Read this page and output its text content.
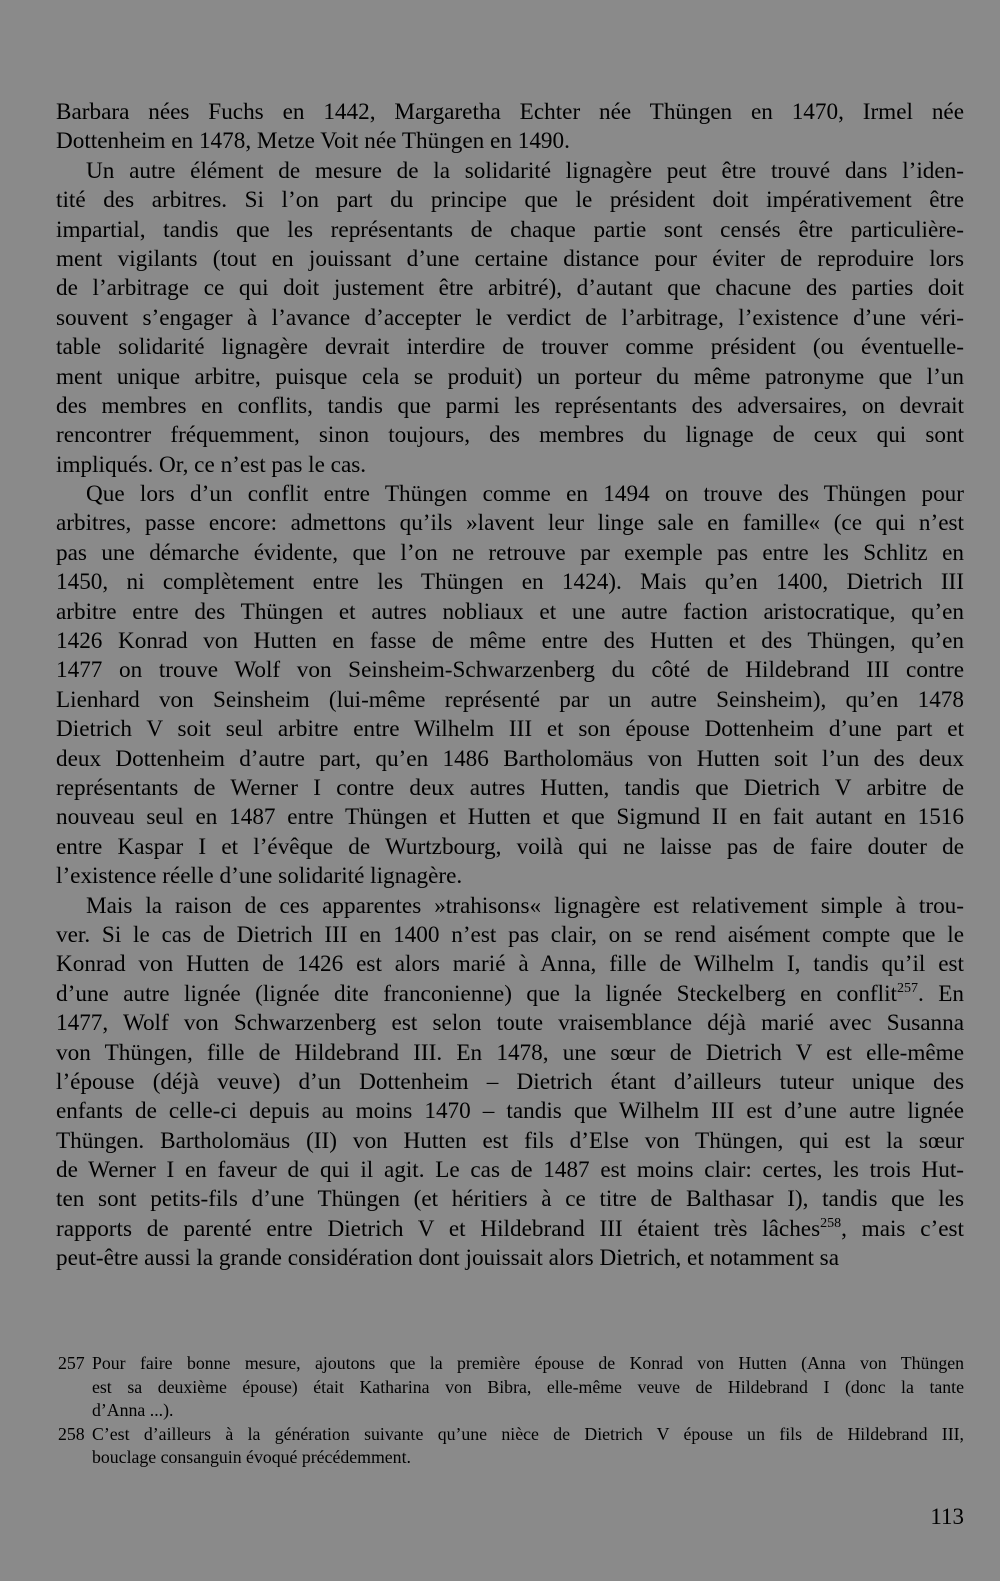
Barbara nées Fuchs en 1442, Margaretha Echter née Thüngen en 1470, Irmel née
Dottenheim en 1478, Metze Voit née Thüngen en 1490.
Un autre élément de mesure de la solidarité lignagère peut être trouvé dans l’iden-
tité des arbitres. Si l’on part du principe que le président doit impérativement être
impartial, tandis que les représentants de chaque partie sont censés être particulière-
ment vigilants (tout en jouissant d’une certaine distance pour éviter de reproduire lors
de l’arbitrage ce qui doit justement être arbitré), d’autant que chacune des parties doit
souvent s’engager à l’avance d’accepter le verdict de l’arbitrage, l’existence d’une véri-
table solidarité lignagère devrait interdire de trouver comme président (ou éventuelle-
ment unique arbitre, puisque cela se produit) un porteur du même patronyme que l’un
des membres en conflits, tandis que parmi les représentants des adversaires, on devrait
rencontrer fréquemment, sinon toujours, des membres du lignage de ceux qui sont
impliqués. Or, ce n’est pas le cas.
Que lors d’un conflit entre Thüngen comme en 1494 on trouve des Thüngen pour
arbitres, passe encore: admettons qu’ils »lavent leur linge sale en famille« (ce qui n’est
pas une démarche évidente, que l’on ne retrouve par exemple pas entre les Schlitz en
1450, ni complètement entre les Thüngen en 1424). Mais qu’en 1400, Dietrich III
arbitre entre des Thüngen et autres nobliaux et une autre faction aristocratique, qu’en
1426 Konrad von Hutten en fasse de même entre des Hutten et des Thüngen, qu’en
1477 on trouve Wolf von Seinsheim-Schwarzenberg du côté de Hildebrand III contre
Lienhard von Seinsheim (lui-même représenté par un autre Seinsheim), qu’en 1478
Dietrich V soit seul arbitre entre Wilhelm III et son épouse Dottenheim d’une part et
deux Dottenheim d’autre part, qu’en 1486 Bartholomäus von Hutten soit l’un des deux
représentants de Werner I contre deux autres Hutten, tandis que Dietrich V arbitre de
nouveau seul en 1487 entre Thüngen et Hutten et que Sigmund II en fait autant en 1516
entre Kaspar I et l’évêque de Wurtzbourg, voilà qui ne laisse pas de faire douter de
l’existence réelle d’une solidarité lignagère.
Mais la raison de ces apparentes »trahisons« lignagère est relativement simple à trou-
ver. Si le cas de Dietrich III en 1400 n’est pas clair, on se rend aisément compte que le
Konrad von Hutten de 1426 est alors marié à Anna, fille de Wilhelm I, tandis qu’il est
d’une autre lignée (lignée dite franconienne) que la lignée Steckelberg en conflit$^{257}$. En
1477, Wolf von Schwarzenberg est selon toute vraisemblance déjà marié avec Susanna
von Thüngen, fille de Hildebrand III. En 1478, une sœur de Dietrich V est elle-même
l’épouse (déjà veuve) d’un Dottenheim – Dietrich étant d’ailleurs tuteur unique des
enfants de celle-ci depuis au moins 1470 – tandis que Wilhelm III est d’une autre lignée
Thüngen. Bartholomäus (II) von Hutten est fils d’Else von Thüngen, qui est la sœur
de Werner I en faveur de qui il agit. Le cas de 1487 est moins clair: certes, les trois Hut-
ten sont petits-fils d’une Thüngen (et héritiers à ce titre de Balthasar I), tandis que les
rapports de parenté entre Dietrich V et Hildebrand III étaient très lâches$^{258}$, mais c’est
peut-être aussi la grande considération dont jouissait alors Dietrich, et notamment sa
257 Pour faire bonne mesure, ajoutons que la première épouse de Konrad von Hutten (Anna von Thüngen
est sa deuxième épouse) était Katharina von Bibra, elle-même veuve de Hildebrand I (donc la tante
d’Anna ...).
258 C’est d’ailleurs à la génération suivante qu’une nièce de Dietrich V épouse un fils de Hildebrand III,
bouclage consanguin évoqué précédemment.
113
